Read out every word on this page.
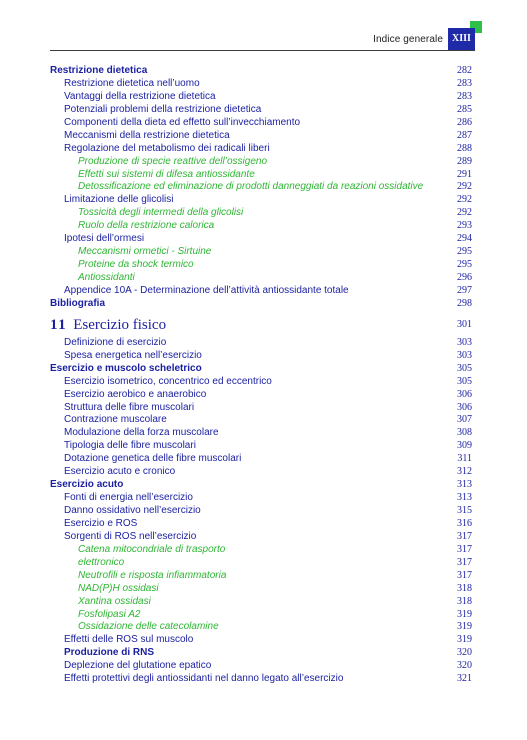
Indice generale XIII
Restrizione dietetica	282
Restrizione dietetica nell’uomo	283
Vantaggi della restrizione dietetica	283
Potenziali problemi della restrizione dietetica	285
Componenti della dieta ed effetto sull’invecchiamento	286
Meccanismi della restrizione dietetica	287
Regolazione del metabolismo dei radicali liberi	288
Produzione di specie reattive dell’ossigeno	289
Effetti sui sistemi di difesa antiossidante	291
Detossificazione ed eliminazione di prodotti danneggiati da reazioni ossidative	292
Limitazione delle glicolisi	292
Tossicità degli intermedi della glicolisi	292
Ruolo della restrizione calorica	293
Ipotesi dell’ormesi	294
Meccanismi ormetici - Sirtuine	295
Proteine da shock termico	295
Antiossidanti	296
Appendice 10A - Determinazione dell’attività antiossidante totale	297
Bibliografia	298
11 Esercizio fisico	301
Definizione di esercizio	303
Spesa energetica nell’esercizio	303
Esercizio e muscolo scheletrico	305
Esercizio isometrico, concentrico ed eccentrico	305
Esercizio aerobico e anaerobico	306
Struttura delle fibre muscolari	306
Contrazione muscolare	307
Modulazione della forza muscolare	308
Tipologia delle fibre muscolari	309
Dotazione genetica delle fibre muscolari	311
Esercizio acuto e cronico	312
Esercizio acuto	313
Fonti di energia nell’esercizio	313
Danno ossidativo nell’esercizio	315
Esercizio e ROS	316
Sorgenti di ROS nell’esercizio	317
Catena mitocondriale di trasporto	317
elettronico	317
Neutrofili e risposta infiammatoria	317
NAD(P)H ossidasi	318
Xantina ossidasi	318
Fosfolipasi A2	319
Ossidazione delle catecolamine	319
Effetti delle ROS sul muscolo	319
Produzione di RNS	320
Deplezione del glutatione epatico	320
Effetti protettivi degli antiossidanti nel danno legato all’esercizio	321
